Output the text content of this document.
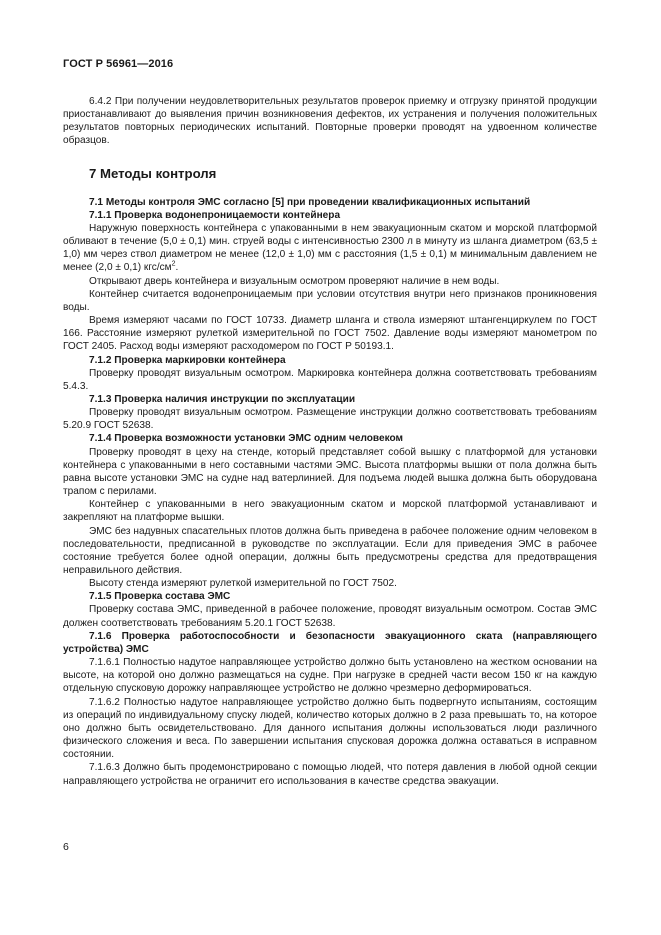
ГОСТ Р 56961—2016

6.4.2 При получении неудовлетворительных результатов проверок приемку и отгрузку принятой продукции приостанавливают до выявления причин возникновения дефектов, их устранения и получения положительных результатов повторных периодических испытаний. Повторные проверки проводят на удвоенном количестве образцов.

7 Методы контроля

7.1 Методы контроля ЭМС согласно [5] при проведении квалификационных испытаний

7.1.1 Проверка водонепроницаемости контейнера

Наружную поверхность контейнера с упакованными в нем эвакуационным скатом и морской платформой обливают в течение (5,0 ± 0,1) мин. струей воды с интенсивностью 2300 л в минуту из шланга диаметром (63,5 ± 1,0) мм через ствол диаметром не менее (12,0 ± 1,0) мм с расстояния (1,5 ± 0,1) м минимальным давлением не менее (2,0 ± 0,1) кгс/$см^2$.

Открывают дверь контейнера и визуальным осмотром проверяют наличие в нем воды.

Контейнер считается водонепроницаемым при условии отсутствия внутри него признаков проникновения воды.

Время измеряют часами по ГОСТ 10733. Диаметр шланга и ствола измеряют штангенциркулем по ГОСТ 166. Расстояние измеряют рулеткой измерительной по ГОСТ 7502. Давление воды измеряют манометром по ГОСТ 2405. Расход воды измеряют расходомером по ГОСТ Р 50193.1.

7.1.2 Проверка маркировки контейнера

Проверку проводят визуальным осмотром. Маркировка контейнера должна соответствовать требованиям 5.4.3.

7.1.3 Проверка наличия инструкции по эксплуатации

Проверку проводят визуальным осмотром. Размещение инструкции должно соответствовать требованиям 5.20.9 ГОСТ 52638.

7.1.4 Проверка возможности установки ЭМС одним человеком

Проверку проводят в цеху на стенде, который представляет собой вышку с платформой для установки контейнера с упакованными в него составными частями ЭМС. Высота платформы вышки от пола должна быть равна высоте установки ЭМС на судне над ватерлинией. Для подъема людей вышка должна быть оборудована трапом с перилами.

Контейнер с упакованными в него эвакуационным скатом и морской платформой устанавливают и закрепляют на платформе вышки.

ЭМС без надувных спасательных плотов должна быть приведена в рабочее положение одним человеком в последовательности, предписанной в руководстве по эксплуатации. Если для приведения ЭМС в рабочее состояние требуется более одной операции, должны быть предусмотрены средства для предотвращения неправильного действия.

Высоту стенда измеряют рулеткой измерительной по ГОСТ 7502.

7.1.5 Проверка состава ЭМС

Проверку состава ЭМС, приведенной в рабочее положение, проводят визуальным осмотром. Состав ЭМС должен соответствовать требованиям 5.20.1 ГОСТ 52638.

7.1.6 Проверка работоспособности и безопасности эвакуационного ската (направляющего устройства) ЭМС

7.1.6.1 Полностью надутое направляющее устройство должно быть установлено на жестком основании на высоте, на которой оно должно размещаться на судне. При нагрузке в средней части весом 150 кг на каждую отдельную спусковую дорожку направляющее устройство не должно чрезмерно деформироваться.

7.1.6.2 Полностью надутое направляющее устройство должно быть подвергнуто испытаниям, состоящим из операций по индивидуальному спуску людей, количество которых должно в 2 раза превышать то, на которое оно должно быть освидетельствовано. Для данного испытания должны использоваться люди различного физического сложения и веса. По завершении испытания спусковая дорожка должна оставаться в исправном состоянии.

7.1.6.3 Должно быть продемонстрировано с помощью людей, что потеря давления в любой одной секции направляющего устройства не ограничит его использования в качестве средства эвакуации.

6
